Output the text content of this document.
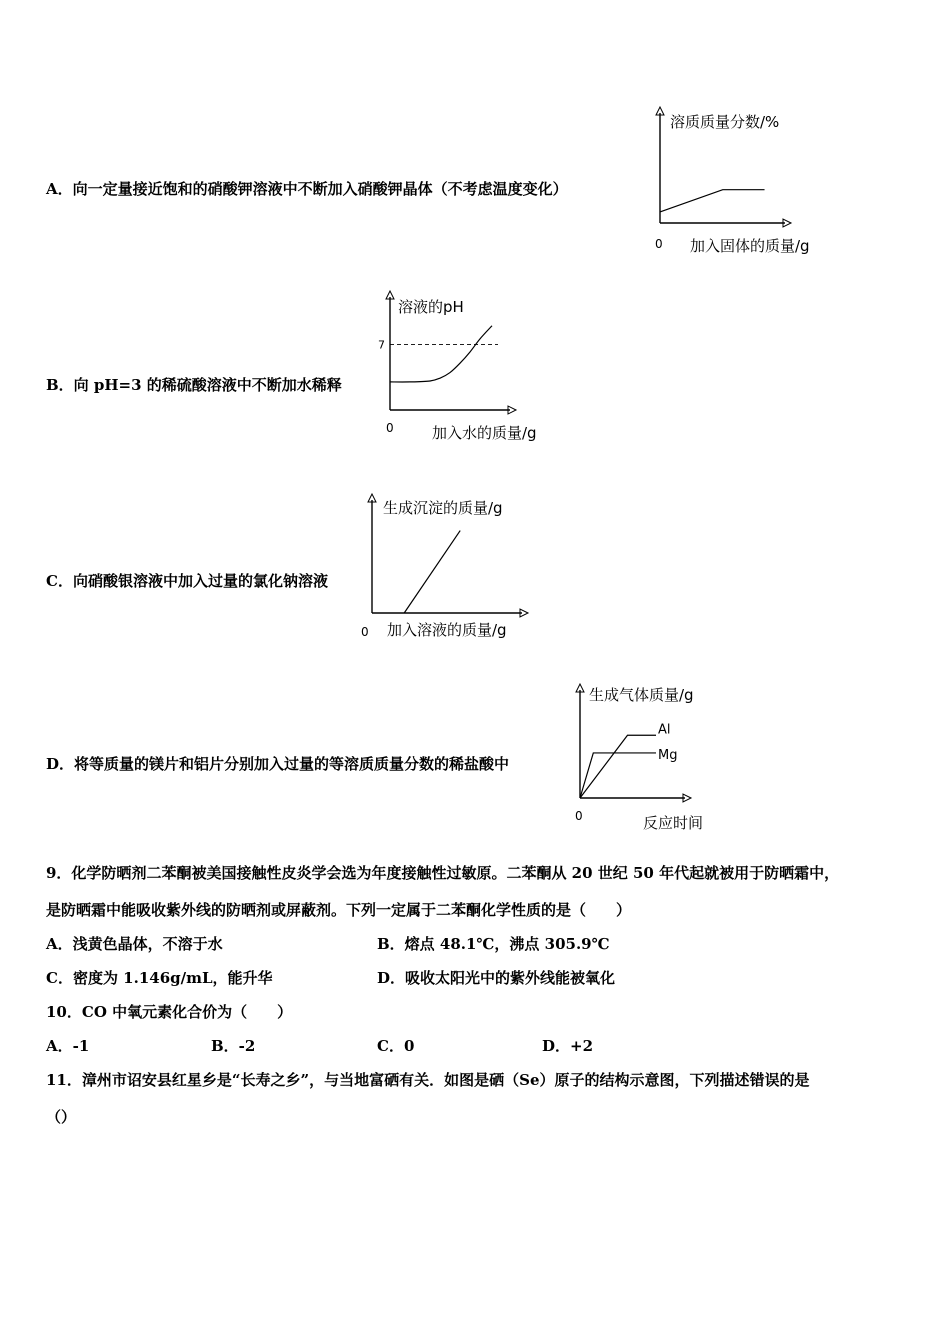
A．向一定量接近饱和的硝酸钾溶液中不断加入硝酸钾晶体（不考虑温度变化）
B．向 pH=3 的稀硫酸溶液中不断加水稀释
C．向硝酸银溶液中加入过量的氯化钠溶液
D．将等质量的镁片和铝片分别加入过量的等溶质质量分数的稀盐酸中
溶质质量分数/%
加入固体的质量/g
0
溶液的pH
加入水的质量/g
0
7
生成沉淀的质量/g
加入溶液的质量/g
0
生成气体质量/g
反应时间
0
Al
Mg
9．化学防晒剂二苯酮被美国接触性皮炎学会选为年度接触性过敏原。二苯酮从 20 世纪 50 年代起就被用于防晒霜中，
是防晒霜中能吸收紫外线的防晒剂或屏蔽剂。下列一定属于二苯酮化学性质的是（　　）
A．浅黄色晶体，不溶于水	B．熔点 48.1℃，沸点 305.9℃
C．密度为 1.146g/mL，能升华	D．吸收太阳光中的紫外线能被氧化
10．CO 中氧元素化合价为（　　）
A．-1	B．-2	C．0	D．+2
11．漳州市诏安县红星乡是“长寿之乡”，与当地富硒有关．如图是硒（Se）原子的结构示意图，下列描述错误的是
（）
